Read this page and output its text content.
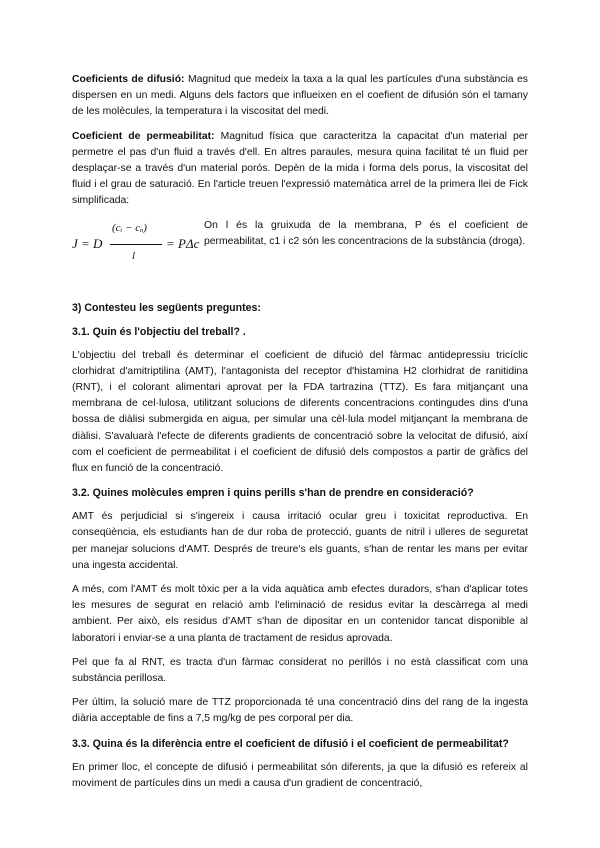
Coeficients de difusió: Magnitud que medeix la taxa a la qual les partícules d'una substància es dispersen en un medi. Alguns dels factors que influeixen en el coefient de difusión són el tamany de les molècules, la temperatura i la viscositat del medi.

Coeficient de permeabilitat: Magnitud física que caracteritza la capacitat d'un material per permetre el pas d'un fluid a través d'ell. En altres paraules, mesura quina facilitat té un fluid per desplaçar-se a través d'un material porós. Depèn de la mida i forma dels porus, la viscositat del fluid i el grau de saturació. En l'article treuen l'expressió matemàtica arrel de la primera llei de Fick simplificada:

J = D
(cᵢ − cₒ)
l
= PΔc
On l és la gruixuda de la membrana, P és el coeficient de permeabilitat, c1 i c2 són les concentracions de la substància (droga).
3) Contesteu les següents preguntes:
3.1. Quin és l'objectiu del treball? .

L'objectiu del treball és determinar el coeficient de difució del fàrmac antidepressiu tricíclic clorhidrat d'amitriptilina (AMT), l'antagonista del receptor d'histamina H2 clorhidrat de ranitidina (RNT), i el colorant alimentari aprovat per la FDA tartrazina (TTZ). Es fara mitjançant una membrana de cel·lulosa, utilitzant solucions de diferents concentracions contingudes dins d'una bossa de diàlisi submergida en aigua, per simular una cèl·lula model mitjançant la membrana de diàlisi. S'avaluarà l'efecte de diferents gradients de concentració sobre la velocitat de difusió, així com el coeficient de permeabilitat i el coeficient de difusió dels compostos a partir de gràfics del flux en funció de la concentració.

3.2. Quines molècules empren i quins perills s'han de prendre en consideració?

AMT és perjudicial si s'ingereix i causa irritació ocular greu i toxicitat reproductiva. En conseqüència, els estudiants han de dur roba de protecció, guants de nitril i ulleres de seguretat per manejar solucions d'AMT. Després de treure's els guants, s'han de rentar les mans per evitar una ingesta accidental.

A més, com l'AMT és molt tòxic per a la vida aquàtica amb efectes duradors, s'han d'aplicar totes les mesures de segurat en relació amb l'eliminació de residus evitar la descàrrega al medi ambient. Per això, els residus d'AMT s'han de dipositar en un contenidor tancat disponible al laboratori i enviar-se a una planta de tractament de residus aprovada.

Pel que fa al RNT, es tracta d'un fàrmac considerat no perillós i no està classificat com una substància perillosa.

Per últim, la solució mare de TTZ proporcionada té una concentració dins del rang de la ingesta diària acceptable de fins a 7,5 mg/kg de pes corporal per dia.

3.3. Quina és la diferència entre el coeficient de difusió i el coeficient de permeabilitat?

En primer lloc, el concepte de difusió i permeabilitat són diferents, ja que la difusió es refereix al moviment de partícules dins un medi a causa d'un gradient de concentració,
